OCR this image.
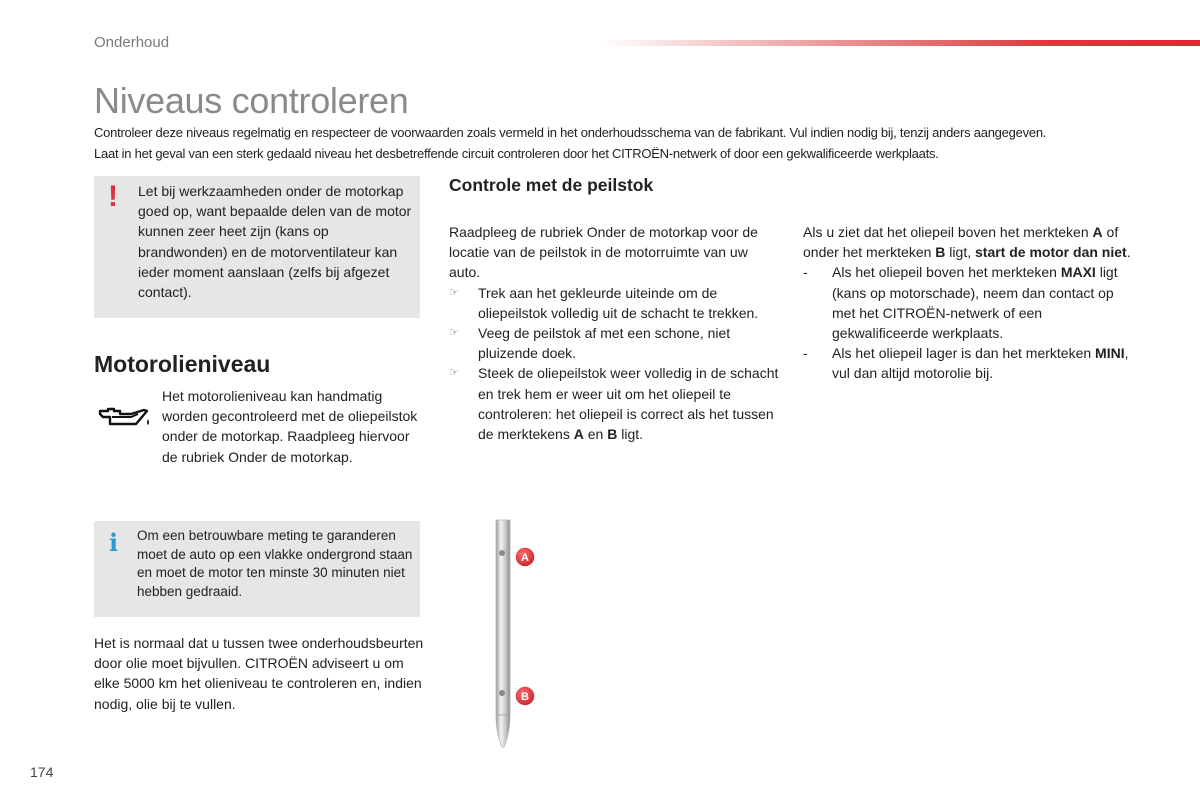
Onderhoud
Niveaus controleren

Controleer deze niveaus regelmatig en respecteer de voorwaarden zoals vermeld in het onderhoudsschema van de fabrikant. Vul indien nodig bij, tenzij anders aangegeven.

Laat in het geval van een sterk gedaald niveau het desbetreffende circuit controleren door het CITROËN-netwerk of door een gekwalificeerde werkplaats.

! Let bij werkzaamheden onder de motorkap goed op, want bepaalde delen van de motor kunnen zeer heet zijn (kans op brandwonden) en de motorventilateur kan ieder moment aanslaan (zelfs bij afgezet contact).
Motorolieniveau
Het motorolieniveau kan handmatig worden gecontroleerd met de oliepeilstok onder de motorkap. Raadpleeg hiervoor de rubriek Onder de motorkap.
i Om een betrouwbare meting te garanderen moet de auto op een vlakke ondergrond staan en moet de motor ten minste 30 minuten niet hebben gedraaid.
Het is normaal dat u tussen twee onderhoudsbeurten door olie moet bijvullen. CITROËN adviseert u om elke 5000 km het olieniveau te controleren en, indien nodig, olie bij te vullen.
Controle met de peilstok

Raadpleeg de rubriek Onder de motorkap voor de locatie van de peilstok in de motorruimte van uw auto.

☞ Trek aan het gekleurde uiteinde om de oliepeilstok volledig uit de schacht te trekken.
☞ Veeg de peilstok af met een schone, niet pluizende doek.
☞ Steek de oliepeilstok weer volledig in de schacht en trek hem er weer uit om het oliepeil te controleren: het oliepeil is correct als het tussen de merktekens A en B ligt.

Als u ziet dat het oliepeil boven het merkteken A of onder het merkteken B ligt, start de motor dan niet.

- Als het oliepeil boven het merkteken MAXI ligt (kans op motorschade), neem dan contact op met het CITROËN-netwerk of een gekwalificeerde werkplaats.
- Als het oliepeil lager is dan het merkteken MINI, vul dan altijd motorolie bij.
A
B
174
